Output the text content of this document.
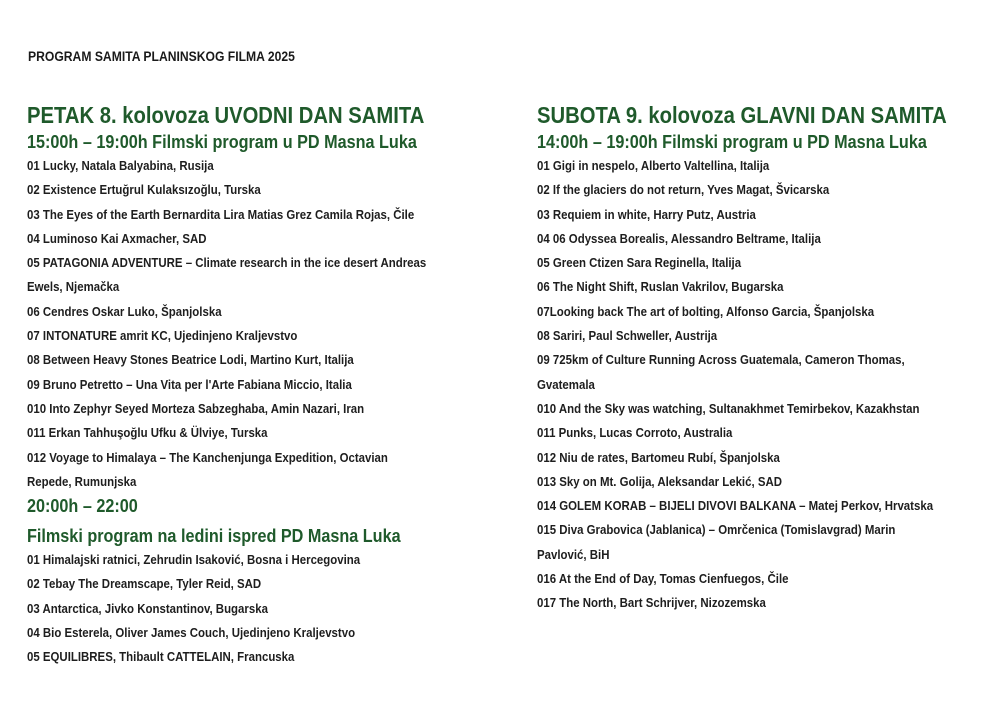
PROGRAM SAMITA PLANINSKOG FILMA 2025
PETAK 8. kolovoza UVODNI DAN SAMITA
15:00h – 19:00h Filmski program u PD Masna Luka
01 Lucky, Natala Balyabina, Rusija
02 Existence Ertuğrul Kulaksızoğlu, Turska
03 The Eyes of the Earth Bernardita Lira Matias Grez Camila Rojas, Čile
04 Luminoso Kai Axmacher, SAD
05 PATAGONIA ADVENTURE – Climate research in the ice desert Andreas
Ewels, Njemačka
06 Cendres Oskar Luko, Španjolska
07 INTONATURE amrit KC, Ujedinjeno Kraljevstvo
08 Between Heavy Stones Beatrice Lodi, Martino Kurt, Italija
09 Bruno Petretto – Una Vita per l'Arte Fabiana Miccio, Italia
010 Into Zephyr Seyed Morteza Sabzeghaba, Amin Nazari, Iran
011 Erkan Tahhuşoğlu Ufku & Ülviye, Turska
012 Voyage to Himalaya – The Kanchenjunga Expedition, Octavian
Repede, Rumunjska
20:00h – 22:00
Filmski program na ledini ispred PD Masna Luka
01 Himalajski ratnici, Zehrudin Isaković, Bosna i Hercegovina
02 Tebay The Dreamscape, Tyler Reid, SAD
03 Antarctica, Jivko Konstantinov, Bugarska
04 Bio Esterela, Oliver James Couch, Ujedinjeno Kraljevstvo
05 EQUILIBRES, Thibault CATTELAIN, Francuska
SUBOTA 9. kolovoza GLAVNI DAN SAMITA
14:00h – 19:00h Filmski program u PD Masna Luka
01 Gigi in nespelo, Alberto Valtellina, Italija
02 If the glaciers do not return, Yves Magat, Švicarska
03 Requiem in white, Harry Putz, Austria
04 06 Odyssea Borealis, Alessandro Beltrame, Italija
05 Green Ctizen Sara Reginella, Italija
06 The Night Shift, Ruslan Vakrilov, Bugarska
07Looking back The art of bolting, Alfonso Garcia, Španjolska
08 Sariri, Paul Schweller, Austrija
09 725km of Culture Running Across Guatemala, Cameron Thomas,
Gvatemala
010 And the Sky was watching, Sultanakhmet Temirbekov, Kazakhstan
011 Punks, Lucas Corroto, Australia
012 Niu de rates, Bartomeu Rubí, Španjolska
013 Sky on Mt. Golija, Aleksandar Lekić, SAD
014 GOLEM KORAB – BIJELI DIVOVI BALKANA – Matej Perkov, Hrvatska
015 Diva Grabovica (Jablanica) – Omrčenica (Tomislavgrad) Marin
Pavlović, BiH
016 At the End of Day, Tomas Cienfuegos, Čile
017 The North, Bart Schrijver, Nizozemska
